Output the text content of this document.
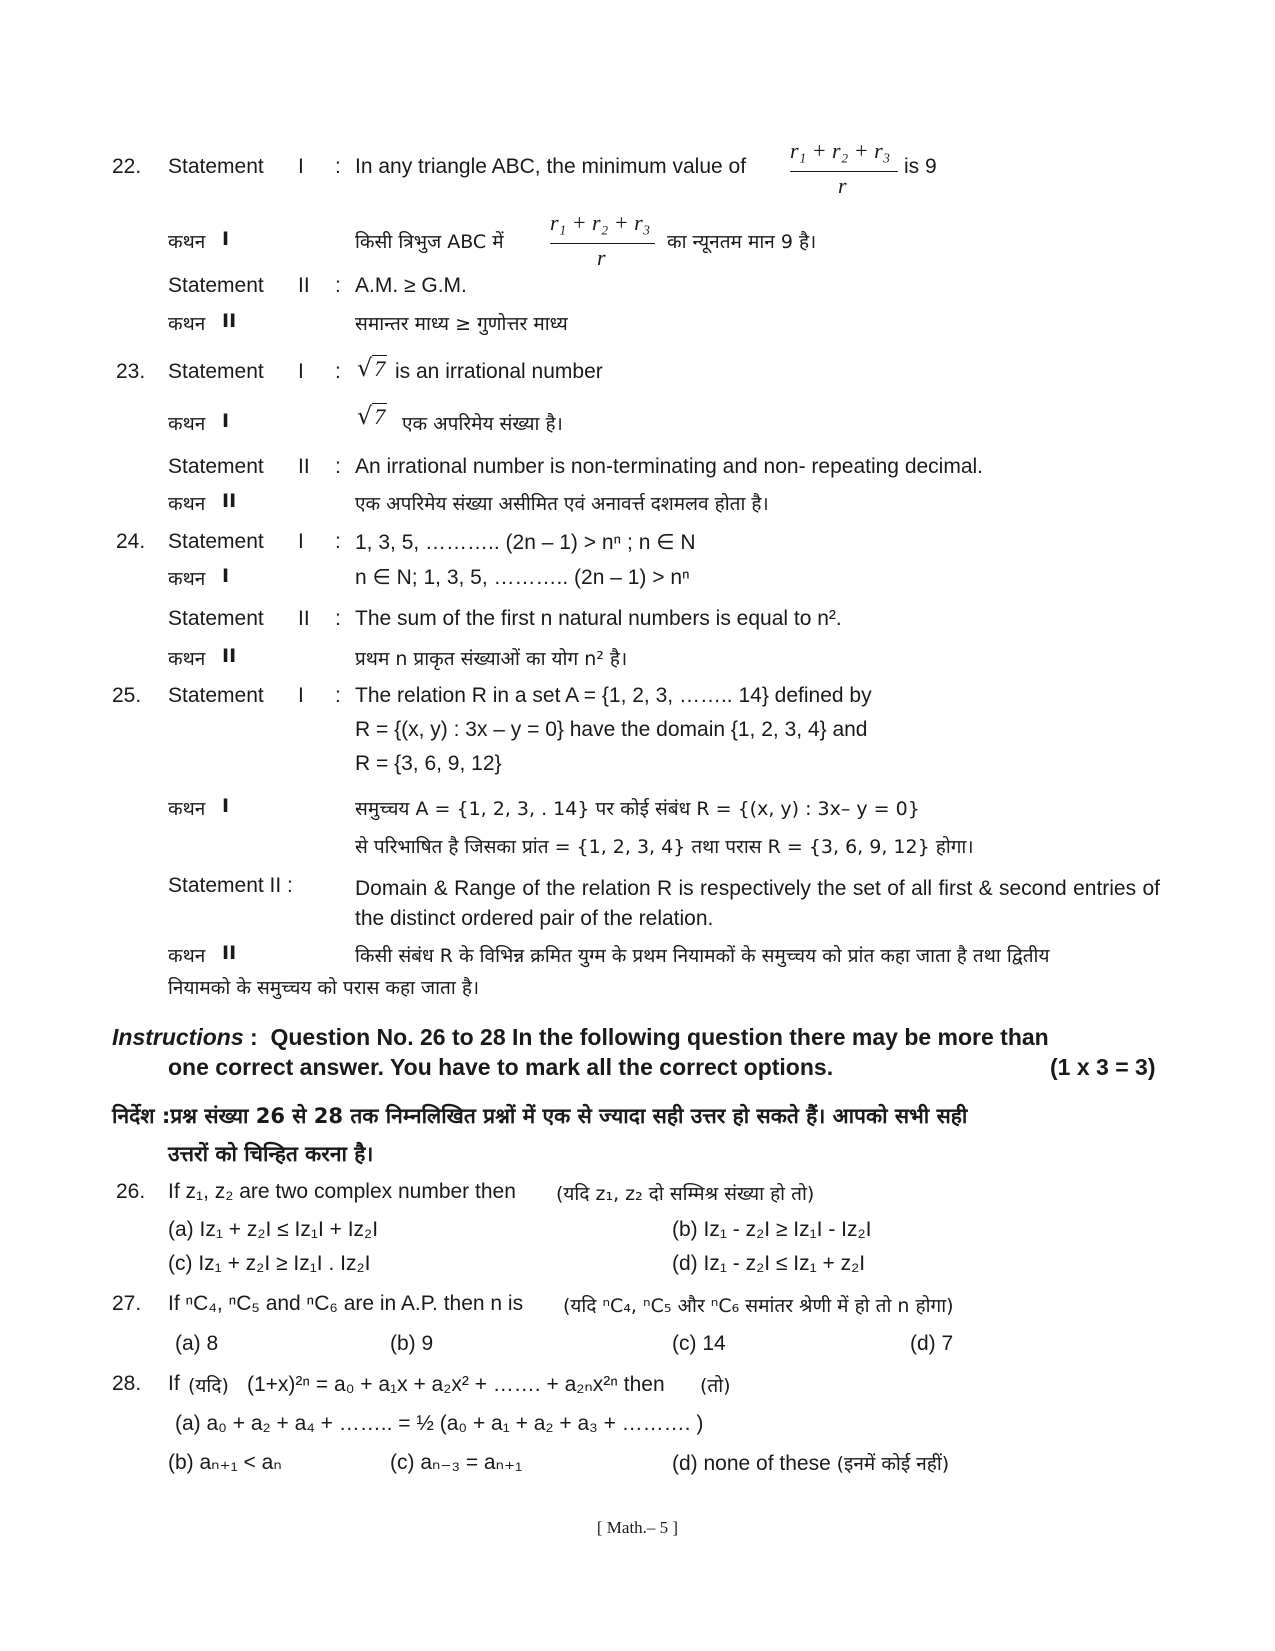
22. Statement I : In any triangle ABC, the minimum value of
r₁ + r₂ + r₃
r
is 9
कथन I	किसी त्रिभुज ABC में	का न्यूनतम मान 9 है।
r₁ + r₂ + r₃
r
Statement II : A.M. ≥ G.M.
कथन II	समान्तर माध्य ≥ गुणोत्तर माध्य
23. Statement I : √7 is an irrational number
कथन I	√7 एक अपरिमेय संख्या है।
Statement II : An irrational number is non-terminating and non- repeating decimal.
कथन II	एक अपरिमेय संख्या असीमित एवं अनावर्त्त दशमलव होता है।
24. Statement I : 1, 3, 5, ……….. (2n – 1) > nⁿ ; n ∈ N
कथन I	n ∈ N; 1, 3, 5, ……….. (2n – 1) > nⁿ
Statement II : The sum of the first n natural numbers is equal to n².
कथन II	प्रथम n प्राकृत संख्याओं का योग n² है।
25. Statement I : The relation R in a set A = {1, 2, 3, …….. 14} defined by
R = {(x, y) : 3x – y = 0} have the domain {1, 2, 3, 4} and
R = {3, 6, 9, 12}
कथन I	समुच्चय A = {1, 2, 3, . 14} पर कोई संबंध R = {(x, y) : 3x– y = 0}
से परिभाषित है जिसका प्रांत = {1, 2, 3, 4} तथा परास R = {3, 6, 9, 12} होगा।
Statement II :	Domain & Range of the relation R is respectively the set of all first & second entries of the distinct ordered pair of the relation.
कथन II	किसी संबंध R के विभिन्न क्रमित युग्म के प्रथम नियामकों के समुच्चय को प्रांत कहा जाता है तथा द्वितीय
नियामको के समुच्चय को परास कहा जाता है।
Instructions :  Question No. 26 to 28 In the following question there may be more than
one correct answer. You have to mark all the correct options.	(1 x 3 = 3)
निर्देश :प्रश्न संख्या 26 से 28 तक निम्नलिखित प्रश्नों में एक से ज्यादा सही उत्तर हो सकते हैं। आपको सभी सही
उत्तरों को चिन्हित करना है।
26. If z₁, z₂ are two complex number then (यदि z₁, z₂ दो सम्मिश्र संख्या हो तो)
(a) Iz₁ + z₂I ≤ Iz₁I + Iz₂I	(b) Iz₁ - z₂I ≥ Iz₁I - Iz₂I
(c) Iz₁ + z₂I ≥ Iz₁I . Iz₂I	(d) Iz₁ - z₂I ≤ Iz₁ + z₂I
27. If ⁿC₄, ⁿC₅ and ⁿC₆ are in A.P. then n is (यदि ⁿC₄, ⁿC₅ और ⁿC₆ समांतर श्रेणी में हो तो n होगा)
(a) 8	(b) 9	(c) 14	(d) 7
28. If (यदि) (1+x)²ⁿ = a₀ + a₁x + a₂x² + ……. + a₂ₙx²ⁿ then (तो)
(a) a₀ + a₂ + a₄ + …….. = ½ (a₀ + a₁ + a₂ + a₃ + ………. )
(b) aₙ₊₁ < aₙ	(c) aₙ₋₃ = aₙ₊₁	(d) none of these (इनमें कोई नहीं)
[ Math.– 5 ]
